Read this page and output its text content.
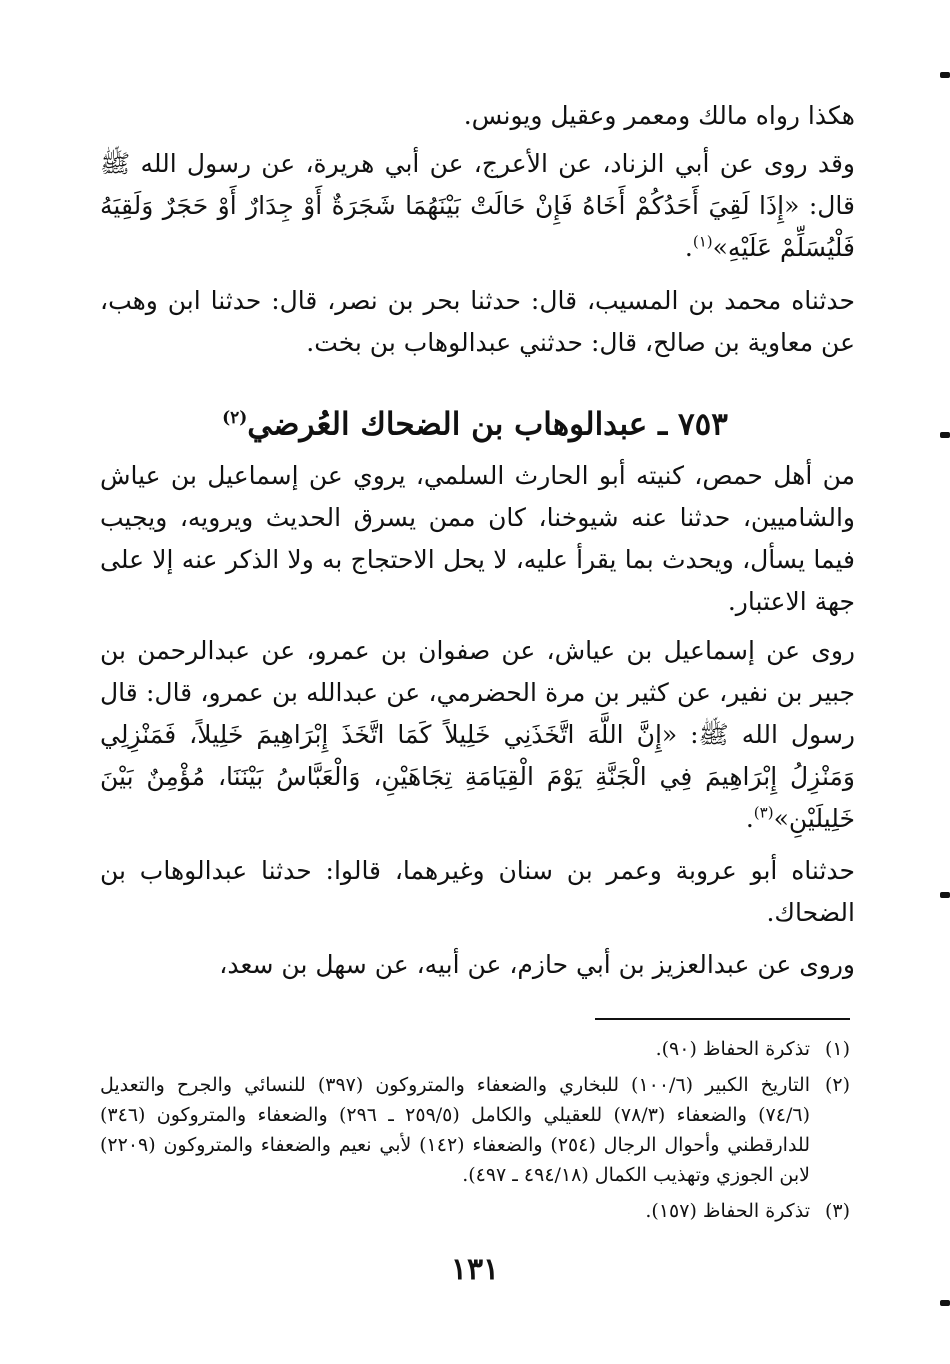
هكذا رواه مالك ومعمر وعقيل ويونس.

وقد روى عن أبي الزناد، عن الأعرج، عن أبي هريرة، عن رسول الله ﷺ قال: «إِذَا لَقِيَ أَحَدُكُمْ أَخَاهُ فَإِنْ حَالَتْ بَيْنَهُمَا شَجَرَةٌ أَوْ جِدَارٌ أَوْ حَجَرٌ وَلَقِيَهُ فَلْيُسَلِّمْ عَلَيْهِ»$^{(١)}$.

حدثناه محمد بن المسيب، قال: حدثنا بحر بن نصر، قال: حدثنا ابن وهب، عن معاوية بن صالح، قال: حدثني عبدالوهاب بن بخت.

٧٥٣ ـ عبدالوهاب بن الضحاك العُرضي$^{(٢)}$

من أهل حمص، كنيته أبو الحارث السلمي، يروي عن إسماعيل بن عياش والشاميين، حدثنا عنه شيوخنا، كان ممن يسرق الحديث ويرويه، ويجيب فيما يسأل، ويحدث بما يقرأ عليه، لا يحل الاحتجاج به ولا الذكر عنه إلا على جهة الاعتبار.

روى عن إسماعيل بن عياش، عن صفوان بن عمرو، عن عبدالرحمن بن جبير بن نفير، عن كثير بن مرة الحضرمي، عن عبدالله بن عمرو، قال: قال رسول الله ﷺ: «إِنَّ اللَّهَ اتَّخَذَنِي خَلِيلاً كَمَا اتَّخَذَ إِبْرَاهِيمَ خَلِيلاً، فَمَنْزِلِي وَمَنْزِلُ إِبْرَاهِيمَ فِي الْجَنَّةِ يَوْمَ الْقِيَامَةِ تِجَاهَيْنِ، وَالْعَبَّاسُ بَيْنَنَا، مُؤْمِنٌ بَيْنَ خَلِيلَيْنِ»$^{(٣)}$.

حدثناه أبو عروبة وعمر بن سنان وغيرهما، قالوا: حدثنا عبدالوهاب بن الضحاك.

وروى عن عبدالعزيز بن أبي حازم، عن أبيه، عن سهل بن سعد،

(١)
تذكرة الحفاظ (٩٠).
(٢)
التاريخ الكبير (١٠٠/٦) للبخاري والضعفاء والمتروكون (٣٩٧) للنسائي والجرح والتعديل (٧٤/٦) والضعفاء (٧٨/٣) للعقيلي والكامل (٢٥٩/٥ ـ ٢٩٦) والضعفاء والمتروكون (٣٤٦) للدارقطني وأحوال الرجال (٢٥٤) والضعفاء (١٤٢) لأبي نعيم والضعفاء والمتروكون (٢٢٠٩) لابن الجوزي وتهذيب الكمال (٤٩٤/١٨ ـ ٤٩٧).
(٣)
تذكرة الحفاظ (١٥٧).
١٣١
